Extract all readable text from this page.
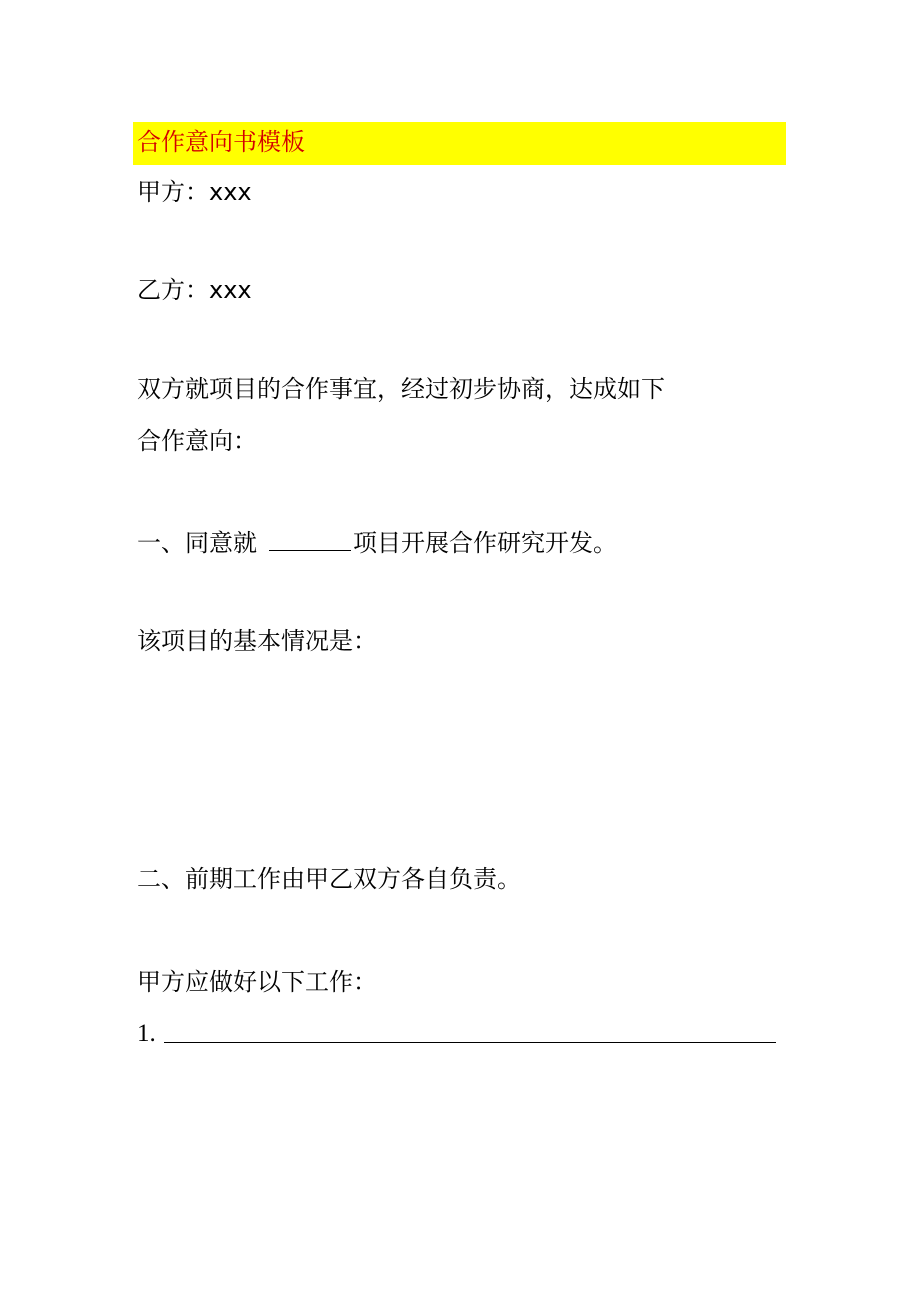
合作意向书模板
甲方：xxx
乙方：xxx
双方就项目的合作事宜，经过初步协商，达成如下
合作意向：
一、同意就	项目开展合作研究开发。
该项目的基本情况是：
二、前期工作由甲乙双方各自负责。
甲方应做好以下工作：
1.
